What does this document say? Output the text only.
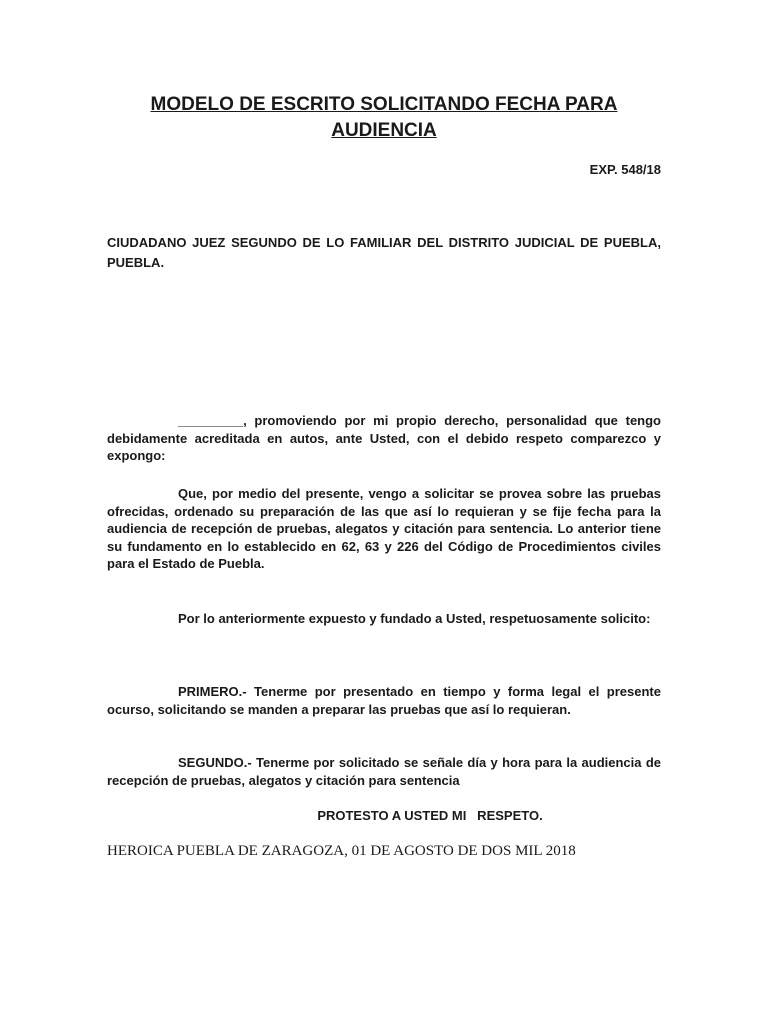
MODELO DE ESCRITO SOLICITANDO FECHA PARA AUDIENCIA

EXP. 548/18

CIUDADANO JUEZ SEGUNDO DE LO FAMILIAR DEL DISTRITO JUDICIAL DE PUEBLA, PUEBLA.

_________, promoviendo por mi propio derecho, personalidad que tengo debidamente acreditada en autos, ante Usted, con el debido respeto comparezco y expongo:

Que, por medio del presente, vengo a solicitar se provea sobre las pruebas ofrecidas, ordenado su preparación de las que así lo requieran y se fije fecha para la audiencia de recepción de pruebas, alegatos y citación para sentencia. Lo anterior tiene su fundamento en lo establecido en 62, 63 y 226 del Código de Procedimientos civiles para el Estado de Puebla.

Por lo anteriormente expuesto y fundado a Usted, respetuosamente solicito:

PRIMERO.- Tenerme por presentado en tiempo y forma legal el presente ocurso, solicitando se manden a preparar las pruebas que así lo requieran.

SEGUNDO.- Tenerme por solicitado se señale día y hora para la audiencia de recepción de pruebas, alegatos y citación para sentencia

PROTESTO A USTED MI   RESPETO.

HEROICA PUEBLA DE ZARAGOZA, 01 DE AGOSTO DE DOS MIL 2018
